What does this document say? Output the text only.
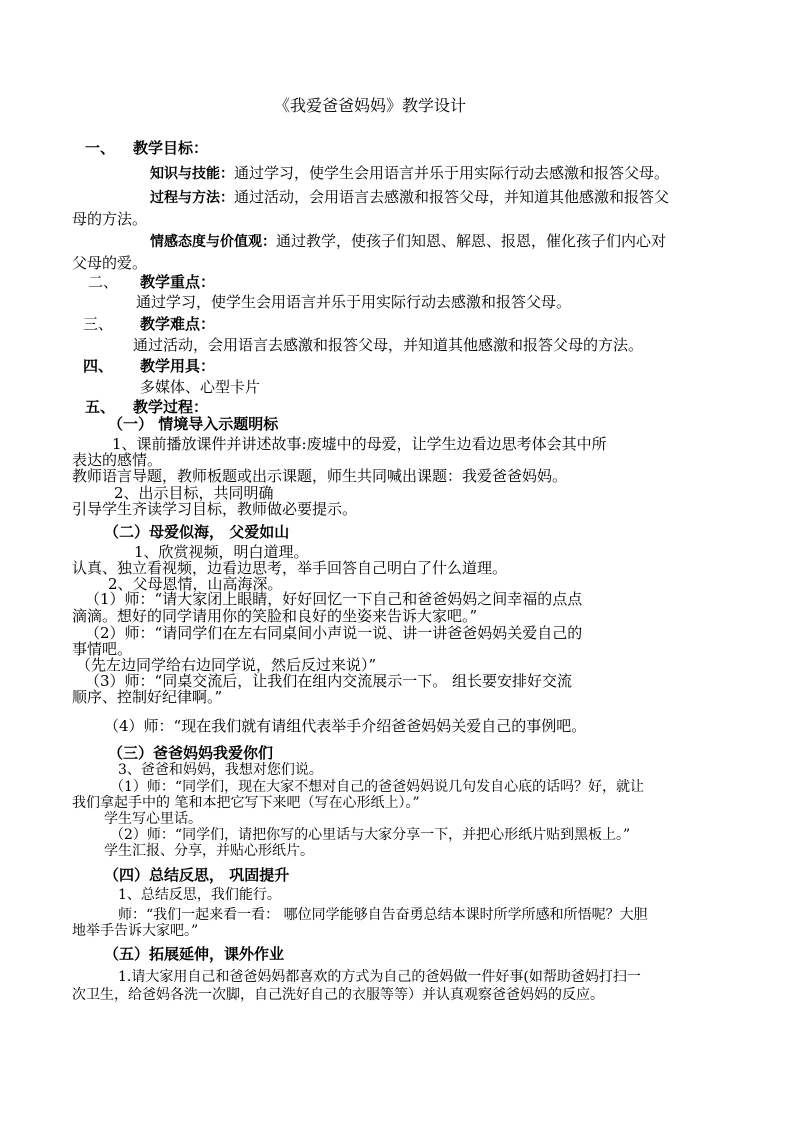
《我爱爸爸妈妈》教学设计
一、 教学目标：
知识与技能：通过学习，使学生会用语言并乐于用实际行动去感激和报答父母。
过程与方法：通过活动，会用语言去感激和报答父母，并知道其他感激和报答父
母的方法。
情感态度与价值观：通过教学，使孩子们知恩、解恩、报恩，催化孩子们内心对
父母的爱。
二、 教学重点：
通过学习，使学生会用语言并乐于用实际行动去感激和报答父母。
三、 教学难点：
通过活动，会用语言去感激和报答父母，并知道其他感激和报答父母的方法。
四、 教学用具：
多媒体、心型卡片
五、 教学过程：
（一） 情境导入示题明标
1、课前播放课件并讲述故事:废墟中的母爱，让学生边看边思考体会其中所
表达的感情。
教师语言导题，教师板题或出示课题，师生共同喊出课题：我爱爸爸妈妈。
2、出示目标，共同明确
引导学生齐读学习目标，教师做必要提示。
（二）母爱似海， 父爱如山
1、欣赏视频，明白道理。
认真、独立看视频，边看边思考，举手回答自己明白了什么道理。
2、父母恩情，山高海深。
（1）师：“请大家闭上眼睛，好好回忆一下自己和爸爸妈妈之间幸福的点点
滴滴。想好的同学请用你的笑脸和良好的坐姿来告诉大家吧。”
（2）师：“请同学们在左右同桌间小声说一说、讲一讲爸爸妈妈关爱自己的
事情吧。
（先左边同学给右边同学说，然后反过来说）”
（3）师：“同桌交流后，让我们在组内交流展示一下。 组长要安排好交流
顺序、控制好纪律啊。”
（4）师：“现在我们就有请组代表举手介绍爸爸妈妈关爱自己的事例吧。
（三）爸爸妈妈我爱你们
3、爸爸和妈妈，我想对您们说。
（1）师：“同学们，现在大家不想对自己的爸爸妈妈说几句发自心底的话吗？好，就让
我们拿起手中的 笔和本把它写下来吧（写在心形纸上）。”
学生写心里话。
（2）师：“同学们，请把你写的心里话与大家分享一下，并把心形纸片贴到黑板上。”
学生汇报、分享，并贴心形纸片。
（四）总结反思， 巩固提升
1、总结反思，我们能行。
师：“我们一起来看一看： 哪位同学能够自告奋勇总结本课时所学所感和所悟呢？大胆
地举手告诉大家吧。”
（五）拓展延伸，课外作业
1.请大家用自己和爸爸妈妈都喜欢的方式为自己的爸妈做一件好事(如帮助爸妈打扫一
次卫生，给爸妈各洗一次脚，自己洗好自己的衣服等等）并认真观察爸爸妈妈的反应。
